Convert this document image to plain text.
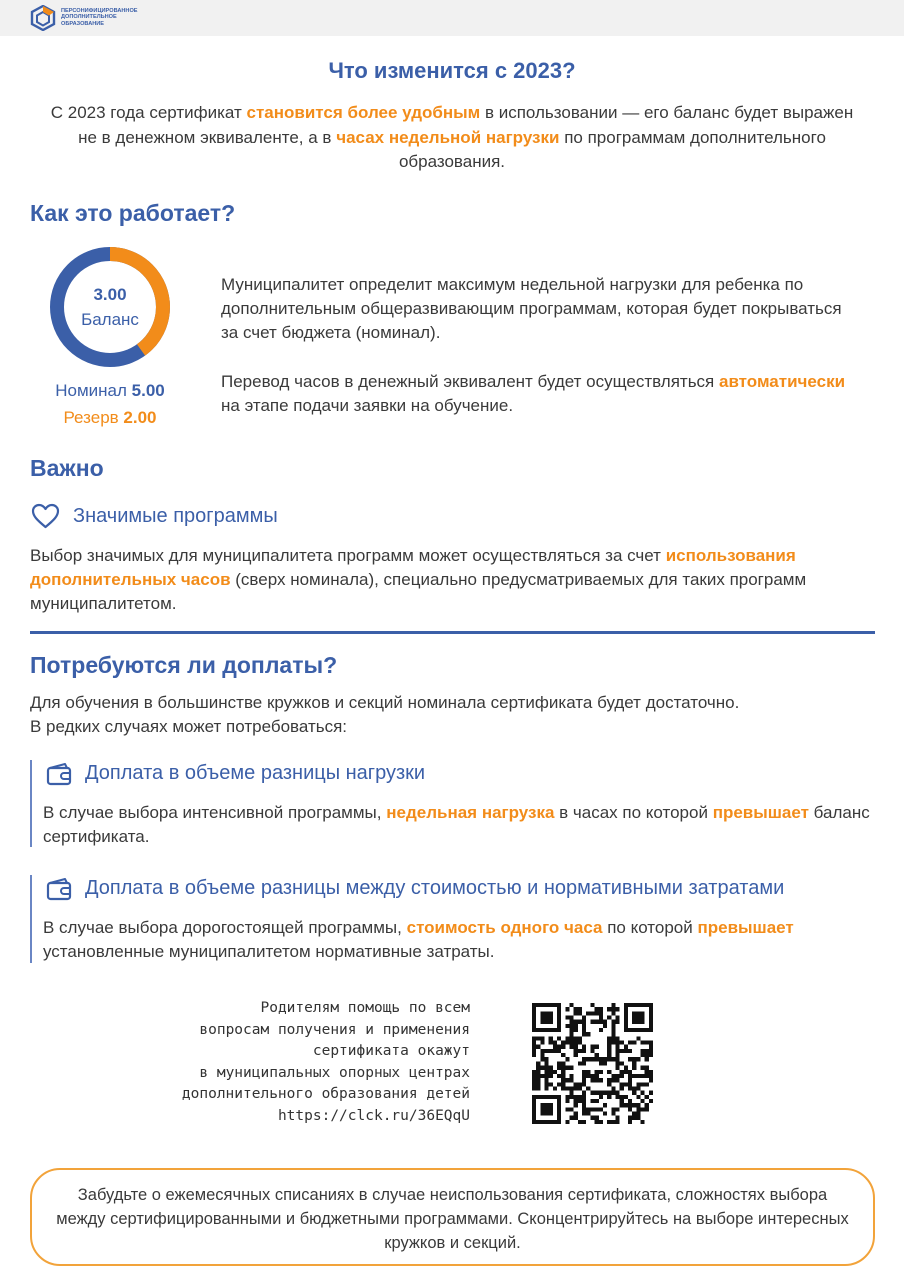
ПЕРСОНИФИЦИРОВАННОЕ
ДОПОЛНИТЕЛЬНОЕ
ОБРАЗОВАНИЕ
Что изменится с 2023?
С 2023 года сертификат становится более удобным в использовании — его баланс будет выражен не в денежном эквиваленте, а в часах недельной нагрузки по программам дополнительного образования.
Как это работает?
3.00
Баланс
Номинал 5.00
Резерв 2.00
Муниципалитет определит максимум недельной нагрузки для ребенка по дополнительным общеразвивающим программам, которая будет покрываться за счет бюджета (номинал).
Перевод часов в денежный эквивалент будет осуществляться автоматически на этапе подачи заявки на обучение.
Важно
Значимые программы
Выбор значимых для муниципалитета программ может осуществляться за счет использования дополнительных часов (сверх номинала), специально предусматриваемых для таких программ муниципалитетом.
Потребуются ли доплаты?
Для обучения в большинстве кружков и секций номинала сертификата будет достаточно.
В редких случаях может потребоваться:
Доплата в объеме разницы нагрузки
В случае выбора интенсивной программы, недельная нагрузка в часах по которой превышает баланс сертификата.
Доплата в объеме разницы между стоимостью и нормативными затратами
В случае выбора дорогостоящей программы, стоимость одного часа по которой превышает установленные муниципалитетом нормативные затраты.
Родителям помощь по всем
вопросам получения и применения
сертификата окажут
в муниципальных опорных центрах
дополнительного образования детей
https://clck.ru/36EQqU
Забудьте о ежемесячных списаниях в случае неиспользования сертификата, сложностях выбора между сертифицированными и бюджетными программами. Сконцентрируйтесь на выборе интересных кружков и секций.
